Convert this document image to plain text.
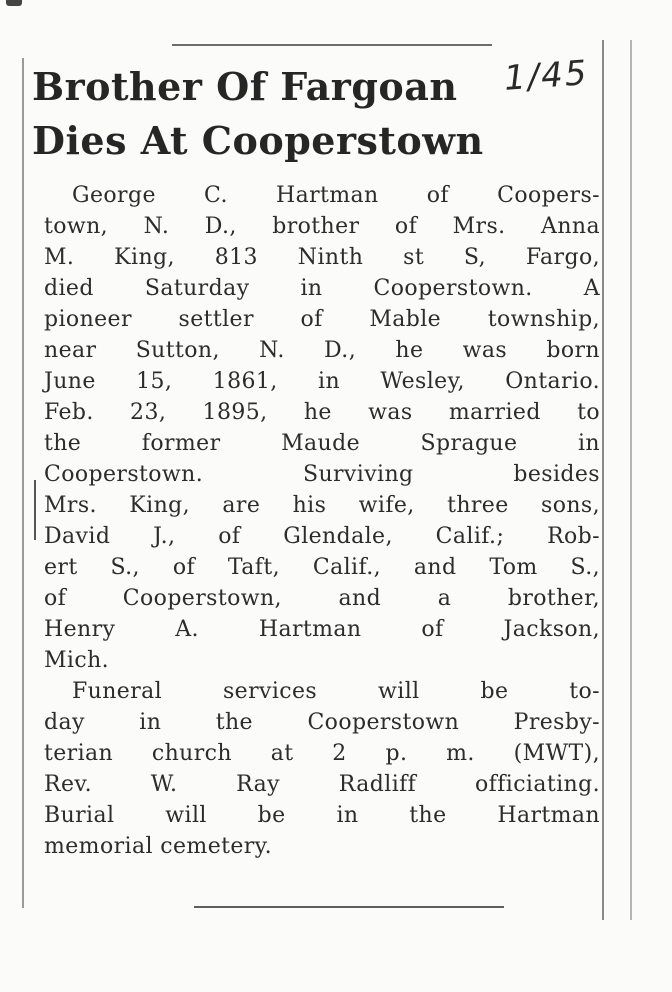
Brother Of Fargoan
Dies At Cooperstown
1/45
George C. Hartman of Coopers-
town, N. D., brother of Mrs. Anna
M. King, 813 Ninth st S, Fargo,
died Saturday in Cooperstown. A
pioneer settler of Mable township,
near Sutton, N. D., he was born
June 15, 1861, in Wesley, Ontario.
Feb. 23, 1895, he was married to
the former Maude Sprague in
Cooperstown. Surviving besides
Mrs. King, are his wife, three sons,
David J., of Glendale, Calif.; Rob-
ert S., of Taft, Calif., and Tom S.,
of Cooperstown, and a brother,
Henry A. Hartman of Jackson,
Mich.
Funeral services will be to-
day in the Cooperstown Presby-
terian church at 2 p. m. (MWT),
Rev. W. Ray Radliff officiating.
Burial will be in the Hartman
memorial cemetery.
